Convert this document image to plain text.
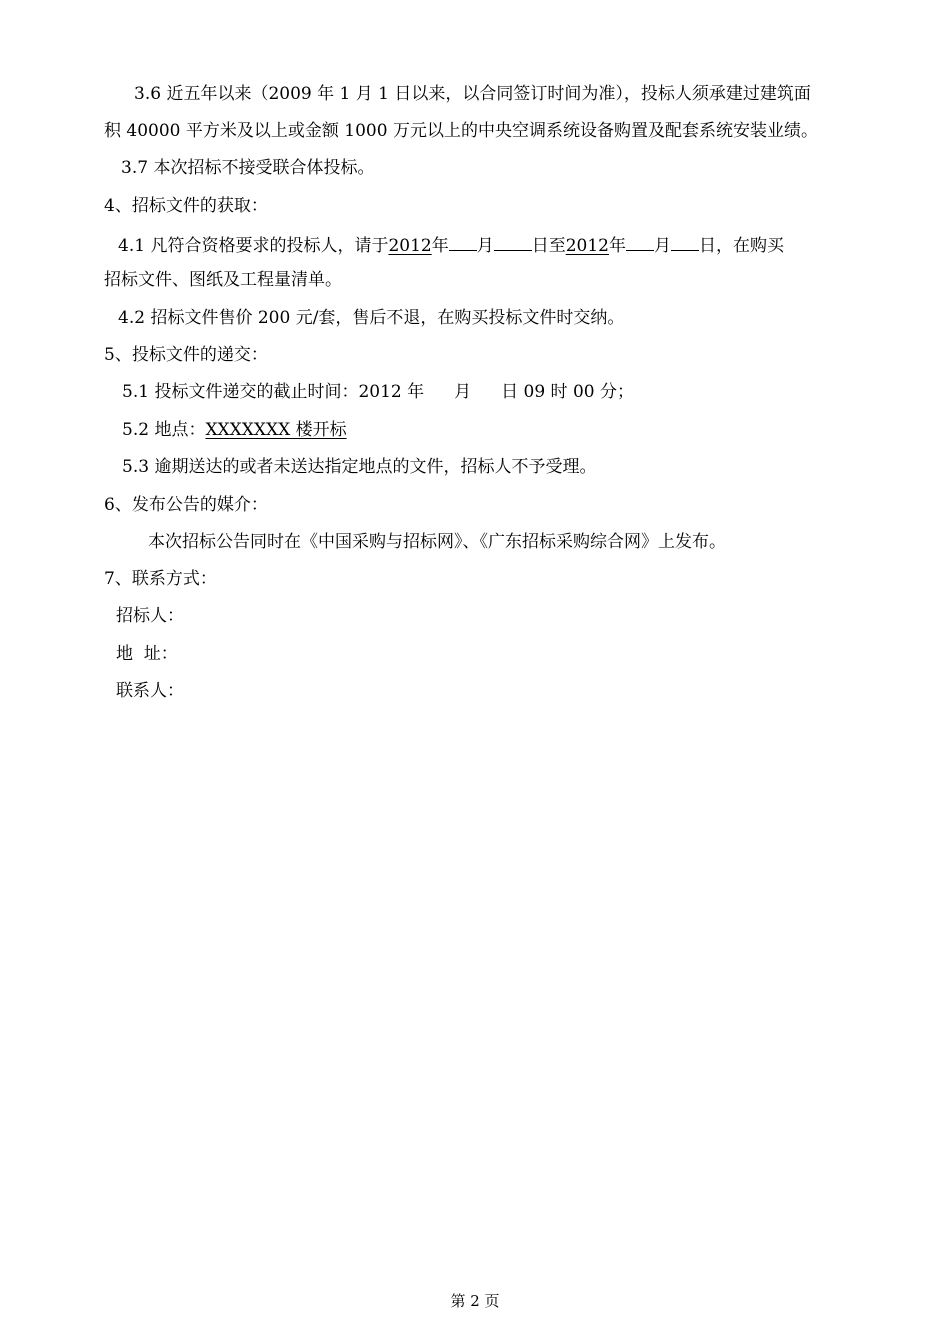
3.6 近五年以来（2009 年 1 月 1 日以来，以合同签订时间为准），投标人须承建过建筑面
积 40000 平方米及以上或金额 1000 万元以上的中央空调系统设备购置及配套系统安装业绩。
3.7 本次招标不接受联合体投标。
4、招标文件的获取：
4.1 凡符合资格要求的投标人，请于2012年 月 日至2012年 月 日，在购买
招标文件、图纸及工程量清单。
4.2 招标文件售价 200 元/套，售后不退，在购买投标文件时交纳。
5、投标文件的递交：
5.1 投标文件递交的截止时间：2012 年 月 日 09 时 00 分；
5.2 地点：XXXXXXX 楼开标
5.3 逾期送达的或者未送达指定地点的文件，招标人不予受理。
6、发布公告的媒介：
本次招标公告同时在《中国采购与招标网》、《广东招标采购综合网》上发布。
7、联系方式：
招标人：
地  址：
联系人：
第 2 页
